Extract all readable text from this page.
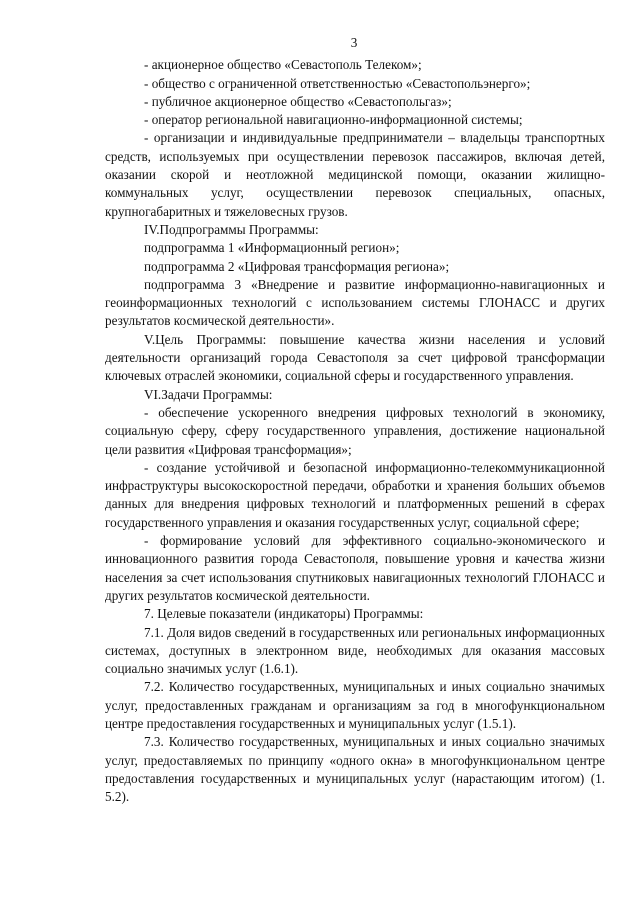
3

- акционерное общество «Севастополь Телеком»;

- общество с ограниченной ответственностью «Севастопольэнерго»;

- публичное акционерное общество «Севастопольгаз»;

- оператор региональной навигационно-информационной системы;

- организации и индивидуальные предприниматели – владельцы транспортных средств, используемых при осуществлении перевозок пассажиров, включая детей, оказании скорой и неотложной медицинской помощи, оказании жилищно-коммунальных услуг, осуществлении перевозок специальных, опасных, крупногабаритных и тяжеловесных грузов.

IV.Подпрограммы Программы:

подпрограмма 1 «Информационный регион»;

подпрограмма 2 «Цифровая трансформация региона»;

подпрограмма 3 «Внедрение и развитие информационно-навигационных и геоинформационных технологий с использованием системы ГЛОНАСС и других результатов космической деятельности».

V.Цель Программы: повышение качества жизни населения и условий деятельности организаций города Севастополя за счет цифровой трансформации ключевых отраслей экономики, социальной сферы и государственного управления.

VI.Задачи Программы:

- обеспечение ускоренного внедрения цифровых технологий в экономику, социальную сферу, сферу государственного управления, достижение национальной цели развития «Цифровая трансформация»;

- создание устойчивой и безопасной информационно-телекоммуникационной инфраструктуры высокоскоростной передачи, обработки и хранения больших объемов данных для внедрения цифровых технологий и платформенных решений в сферах государственного управления и оказания государственных услуг, социальной сфере;

- формирование условий для эффективного социально-экономического и инновационного развития города Севастополя, повышение уровня и качества жизни населения за счет использования спутниковых навигационных технологий ГЛОНАСС и других результатов космической деятельности.

7. Целевые показатели (индикаторы) Программы:

7.1. Доля видов сведений в государственных или региональных информационных системах, доступных в электронном виде, необходимых для оказания массовых социально значимых услуг (1.6.1).

7.2. Количество государственных, муниципальных и иных социально значимых услуг, предоставленных гражданам и организациям за год в многофункциональном центре предоставления государственных и муниципальных услуг (1.5.1).

7.3. Количество государственных, муниципальных и иных социально значимых услуг, предоставляемых по принципу «одного окна» в многофункциональном центре предоставления государственных и муниципальных услуг (нарастающим итогом) (1. 5.2).
